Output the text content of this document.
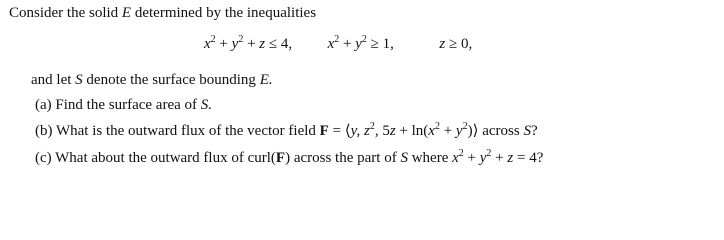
Consider the solid E determined by the inequalities
$x^2 + y^2 + z \le 4$, $x^2 + y^2 \ge 1$,	z ≥ 0,
and let S denote the surface bounding E.
(a) Find the surface area of S.
(b) What is the outward flux of the vector field F = ⟨y, $z^2$, $5z + \ln(x^2$ + $y^2)⟩$ across S?
(c) What about the outward flux of curl(F) across the part of S where $x^2 + y^2 + z = 4$?
